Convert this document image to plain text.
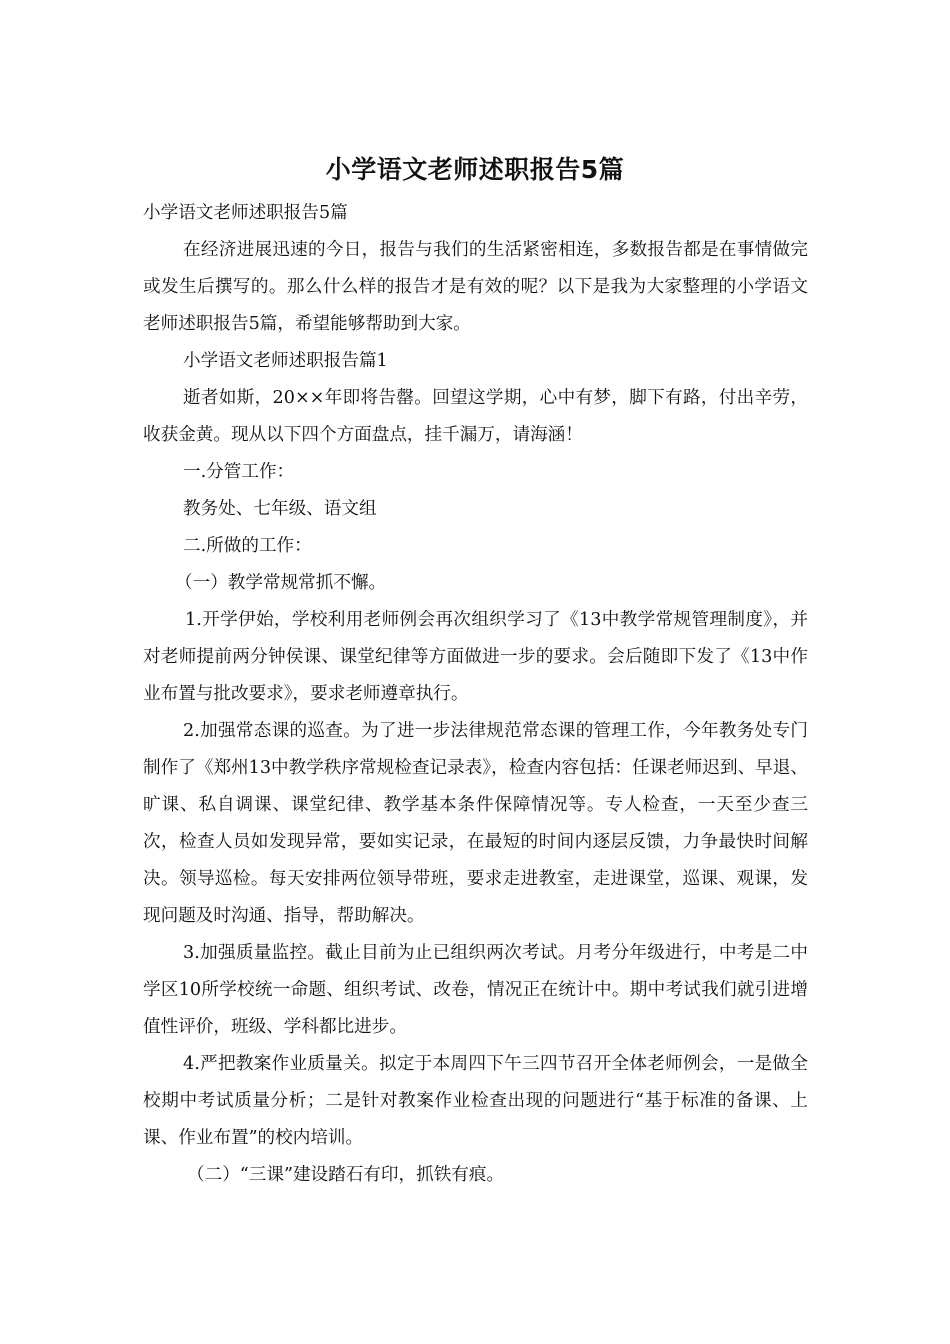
小学语文老师述职报告5篇

小学语文老师述职报告5篇

在经济进展迅速的今日，报告与我们的生活紧密相连，多数报告都是在事情做完或发生后撰写的。那么什么样的报告才是有效的呢？以下是我为大家整理的小学语文老师述职报告5篇，希望能够帮助到大家。

小学语文老师述职报告篇1

逝者如斯，20××年即将告罄。回望这学期，心中有梦，脚下有路，付出辛劳，收获金黄。现从以下四个方面盘点，挂千漏万，请海涵！

一.分管工作：

教务处、七年级、语文组

二.所做的工作：

（一）教学常规常抓不懈。

1.开学伊始，学校利用老师例会再次组织学习了《13中教学常规管理制度》，并对老师提前两分钟侯课、课堂纪律等方面做进一步的要求。会后随即下发了《13中作业布置与批改要求》，要求老师遵章执行。

2.加强常态课的巡查。为了进一步法律规范常态课的管理工作，今年教务处专门制作了《郑州13中教学秩序常规检查记录表》，检查内容包括：任课老师迟到、早退、旷课、私自调课、课堂纪律、教学基本条件保障情况等。专人检查，一天至少查三次，检查人员如发现异常，要如实记录，在最短的时间内逐层反馈，力争最快时间解决。领导巡检。每天安排两位领导带班，要求走进教室，走进课堂，巡课、观课，发现问题及时沟通、指导，帮助解决。

3.加强质量监控。截止目前为止已组织两次考试。月考分年级进行，中考是二中学区10所学校统一命题、组织考试、改卷，情况正在统计中。期中考试我们就引进增值性评价，班级、学科都比进步。

4.严把教案作业质量关。拟定于本周四下午三四节召开全体老师例会，一是做全校期中考试质量分析；二是针对教案作业检查出现的问题进行“基于标准的备课、上课、作业布置”的校内培训。

（二）“三课”建设踏石有印，抓铁有痕。
